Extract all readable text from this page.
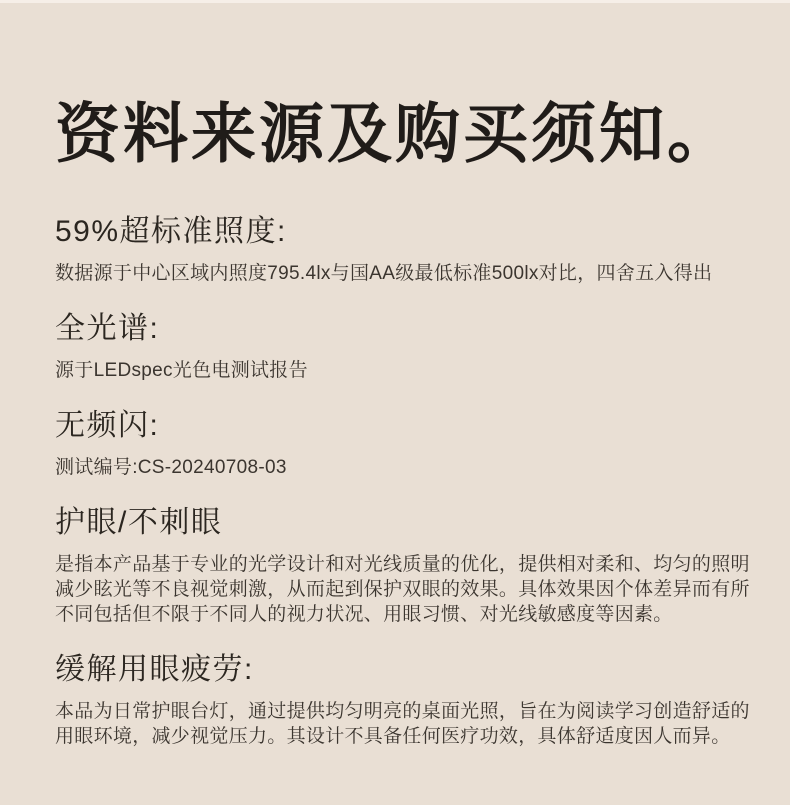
资料来源及购买须知。
59%超标准照度:

数据源于中心区域内照度795.4lx与国AA级最低标准500lx对比，四舍五入得出

全光谱:

源于LEDspec光色电测试报告

无频闪:

测试编号:CS-20240708-03

护眼/不刺眼

是指本产品基于专业的光学设计和对光线质量的优化，提供相对柔和、均匀的照明减少眩光等不良视觉刺激，从而起到保护双眼的效果。具体效果因个体差异而有所不同包括但不限于不同人的视力状况、用眼习惯、对光线敏感度等因素。

缓解用眼疲劳:

本品为日常护眼台灯，通过提供均匀明亮的桌面光照，旨在为阅读学习创造舒适的用眼环境，减少视觉压力。其设计不具备任何医疗功效，具体舒适度因人而异。
